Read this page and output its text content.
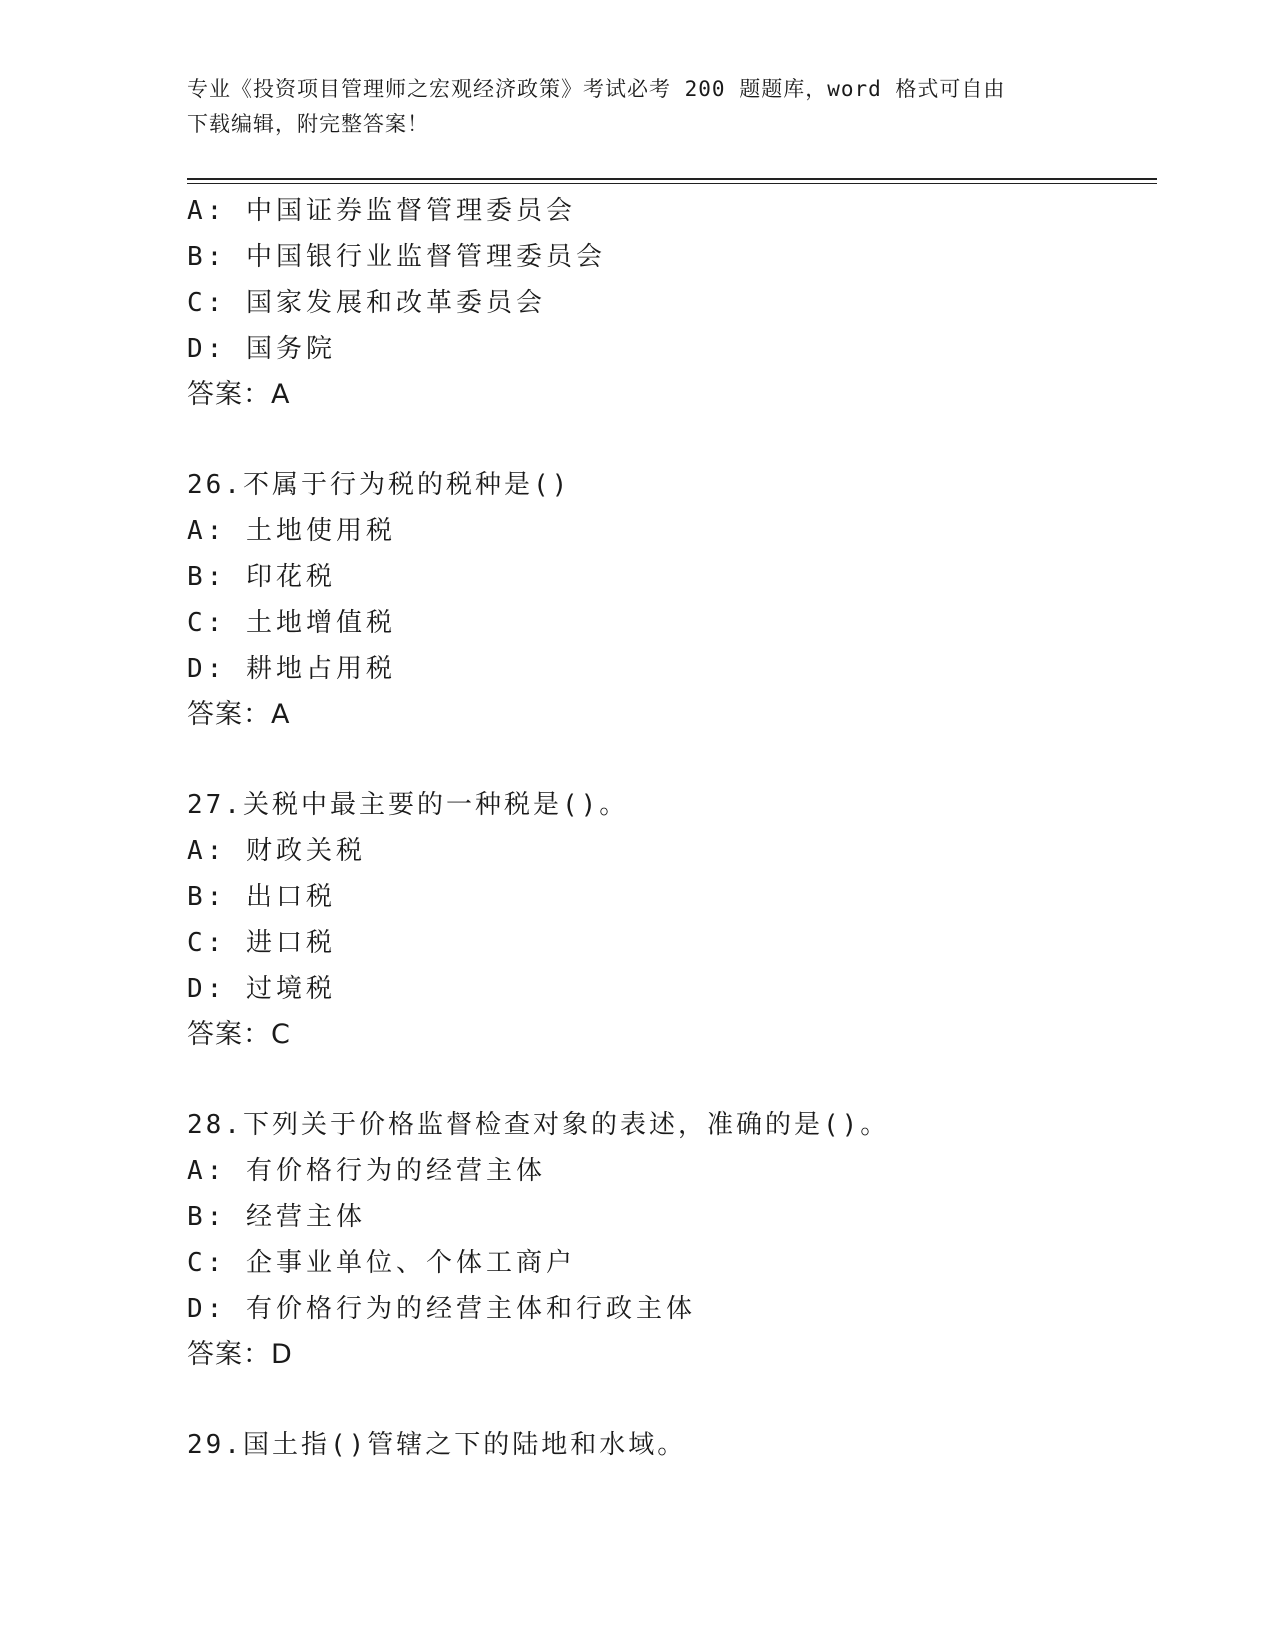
专业《投资项目管理师之宏观经济政策》考试必考 200 题题库，word 格式可自由
下载编辑，附完整答案！
A: 中国证券监督管理委员会
B: 中国银行业监督管理委员会
C: 国家发展和改革委员会
D: 国务院
答案：A
26.不属于行为税的税种是()
A: 土地使用税
B: 印花税
C: 土地增值税
D: 耕地占用税
答案：A
27.关税中最主要的一种税是()。
A: 财政关税
B: 出口税
C: 进口税
D: 过境税
答案：C
28.下列关于价格监督检查对象的表述，准确的是()。
A: 有价格行为的经营主体
B: 经营主体
C: 企事业单位、个体工商户
D: 有价格行为的经营主体和行政主体
答案：D
29.国土指()管辖之下的陆地和水域。
